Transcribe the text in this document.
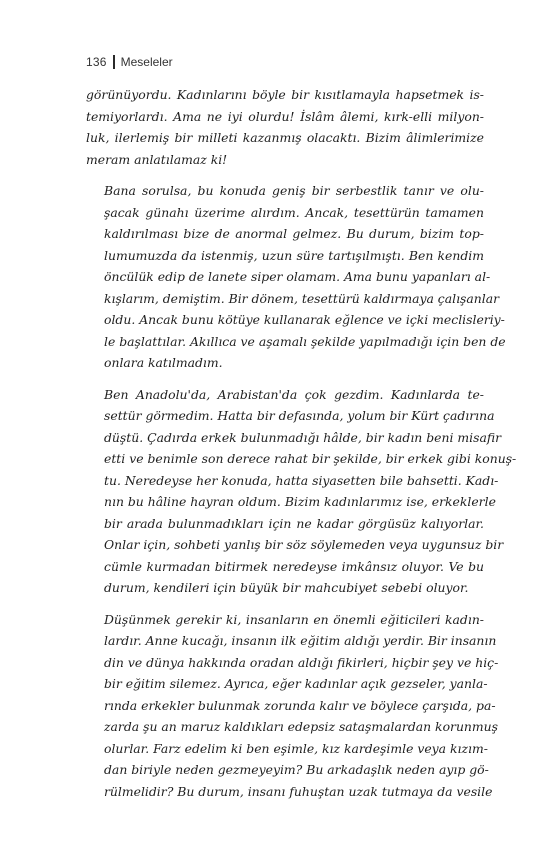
136 Meseleler

görünüyordu. Kadınlarını böyle bir kısıtlamayla hapsetmek is-
temiyorlardı. Ama ne iyi olurdu! İslâm âlemi, kırk-elli milyon-
luk, ilerlemiş bir milleti kazanmış olacaktı. Bizim âlimlerimize
meram anlatılamaz ki!

Bana sorulsa, bu konuda geniş bir serbestlik tanır ve olu-
şacak günahı üzerime alırdım. Ancak, tesettürün tamamen
kaldırılması bize de anormal gelmez. Bu durum, bizim top-
lumumuzda da istenmiş, uzun süre tartışılmıştı. Ben kendim
öncülük edip de lanete siper olamam. Ama bunu yapanları al-
kışlarım, demiştim. Bir dönem, tesettürü kaldırmaya çalışanlar
oldu. Ancak bunu kötüye kullanarak eğlence ve içki meclisleriy-
le başlattılar. Akıllıca ve aşamalı şekilde yapılmadığı için ben de
onlara katılmadım.

Ben Anadolu'da, Arabistan'da çok gezdim. Kadınlarda te-
settür görmedim. Hatta bir defasında, yolum bir Kürt çadırına
düştü. Çadırda erkek bulunmadığı hâlde, bir kadın beni misafir
etti ve benimle son derece rahat bir şekilde, bir erkek gibi konuş-
tu. Neredeyse her konuda, hatta siyasetten bile bahsetti. Kadı-
nın bu hâline hayran oldum. Bizim kadınlarımız ise, erkeklerle
bir arada bulunmadıkları için ne kadar görgüsüz kalıyorlar.
Onlar için, sohbeti yanlış bir söz söylemeden veya uygunsuz bir
cümle kurmadan bitirmek neredeyse imkânsız oluyor. Ve bu
durum, kendileri için büyük bir mahcubiyet sebebi oluyor.

Düşünmek gerekir ki, insanların en önemli eğiticileri kadın-
lardır. Anne kucağı, insanın ilk eğitim aldığı yerdir. Bir insanın
din ve dünya hakkında oradan aldığı fikirleri, hiçbir şey ve hiç-
bir eğitim silemez. Ayrıca, eğer kadınlar açık gezseler, yanla-
rında erkekler bulunmak zorunda kalır ve böylece çarşıda, pa-
zarda şu an maruz kaldıkları edepsiz sataşmalardan korunmuş
olurlar. Farz edelim ki ben eşimle, kız kardeşimle veya kızım-
dan biriyle neden gezmeyeyim? Bu arkadaşlık neden ayıp gö-
rülmelidir? Bu durum, insanı fuhuştan uzak tutmaya da vesile
